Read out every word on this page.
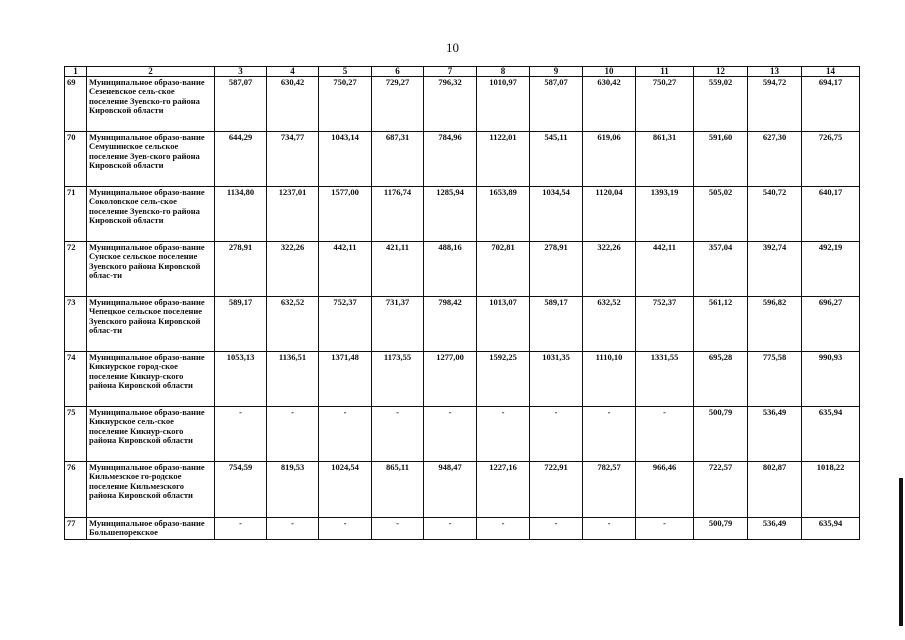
10
1	2	3	4	5	6	7	8	9	10	11	12	13	14
69	Муниципальное образо-вание Сезеневское сель-ское поселение Зуевско-го района Кировской области	587,07	630,42	750,27	729,27	796,32	1010,97	587,07	630,42	750,27	559,02	594,72	694,17
70	Муниципальное образо-вание Семушинское сельское поселение Зуев-ского района Кировской области	644,29	734,77	1043,14	687,31	784,96	1122,01	545,11	619,06	861,31	591,60	627,30	726,75
71	Муниципальное образо-вание Соколовское сель-ское поселение Зуевско-го района Кировской области	1134,80	1237,01	1577,00	1176,74	1285,94	1653,89	1034,54	1120,04	1393,19	505,02	540,72	640,17
72	Муниципальное образо-вание Сунское сельское поселение Зуевского района Кировской облас-ти	278,91	322,26	442,11	421,11	488,16	702,81	278,91	322,26	442,11	357,04	392,74	492,19
73	Муниципальное образо-вание Чепецкое сельское поселение Зуевского района Кировской облас-ти	589,17	632,52	752,37	731,37	798,42	1013,07	589,17	632,52	752,37	561,12	596,82	696,27
74	Муниципальное образо-вание Кикнурское город-ское поселение Кикнур-ского района Кировской области	1053,13	1136,51	1371,48	1173,55	1277,00	1592,25	1031,35	1110,10	1331,55	695,28	775,58	990,93
75	Муниципальное образо-вание Кикнурское сель-ское поселение Кикнур-ского района Кировской области	-	-	-	-	-	-	-	-	-	500,79	536,49	635,94
76	Муниципальное образо-вание Кильмезское го-родское поселение Кильмезского района Кировской области	754,59	819,53	1024,54	865,11	948,47	1227,16	722,91	782,57	966,46	722,57	802,87	1018,22
77	Муниципальное образо-вание Большепорекское	-	-	-	-	-	-	-	-	-	500,79	536,49	635,94
